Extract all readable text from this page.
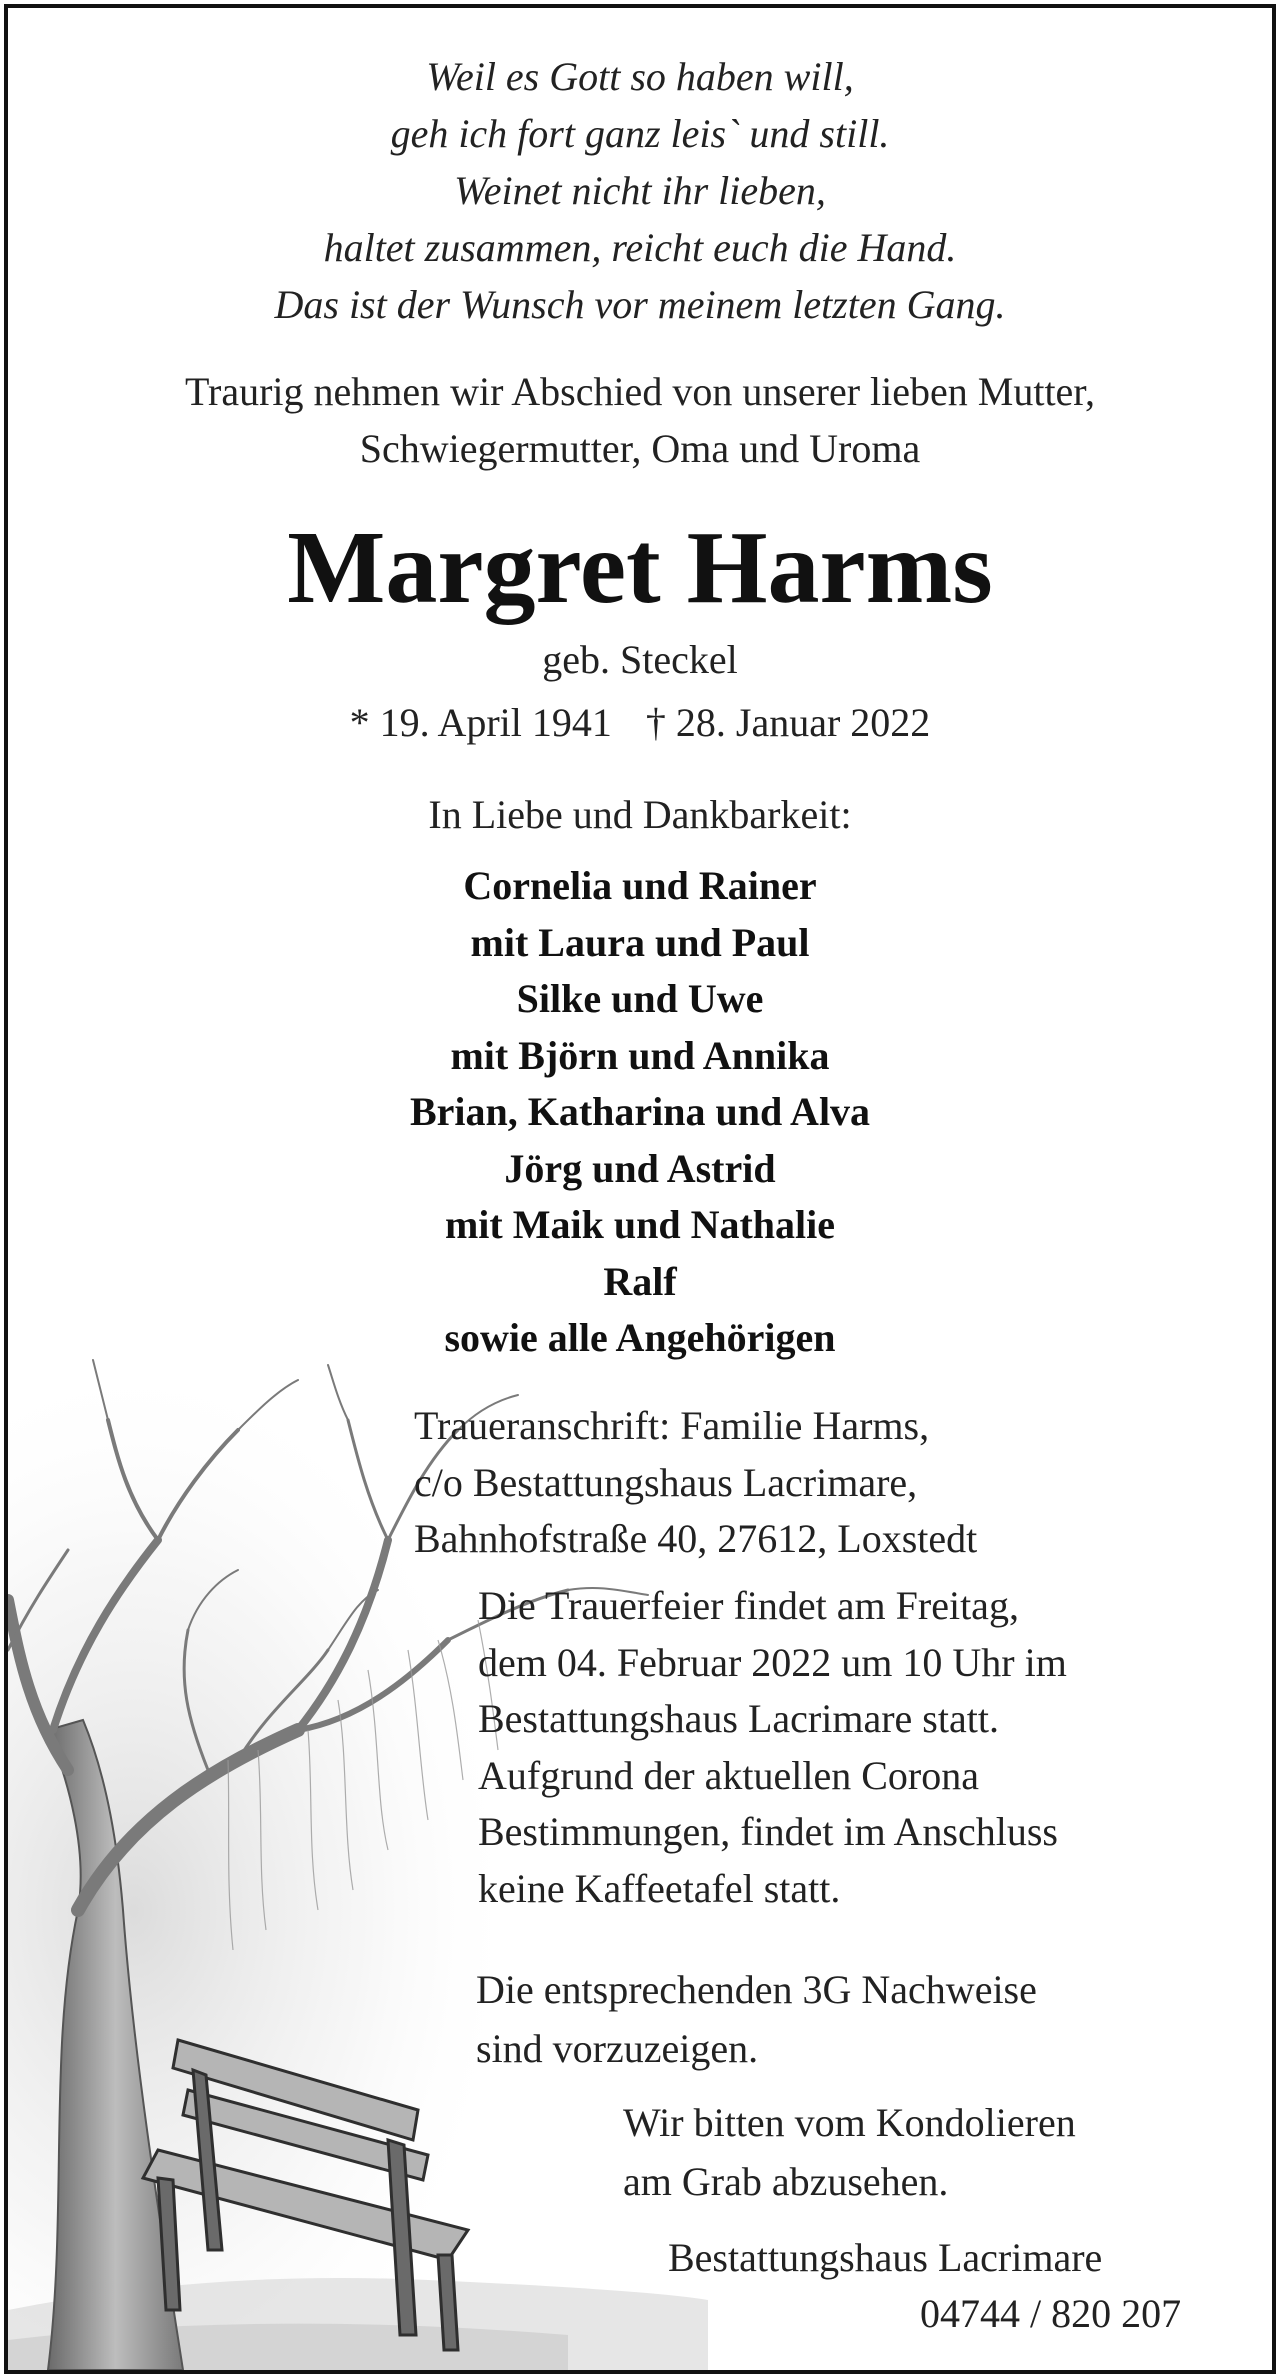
Weil es Gott so haben will,
geh ich fort ganz leis` und still.
Weinet nicht ihr lieben,
haltet zusammen, reicht euch die Hand.
Das ist der Wunsch vor meinem letzten Gang.
Traurig nehmen wir Abschied von unserer lieben Mutter,
Schwiegermutter, Oma und Uroma
Margret Harms
geb. Steckel
* 19. April 1941 † 28. Januar 2022
In Liebe und Dankbarkeit:
Cornelia und Rainer
mit Laura und Paul
Silke und Uwe
mit Björn und Annika
Brian, Katharina und Alva
Jörg und Astrid
mit Maik und Nathalie
Ralf
sowie alle Angehörigen
Traueranschrift: Familie Harms,
c/o Bestattungshaus Lacrimare,
Bahnhofstraße 40, 27612, Loxstedt
Die Trauerfeier findet am Freitag,
dem 04. Februar 2022 um 10 Uhr im
Bestattungshaus Lacrimare statt.
Aufgrund der aktuellen Corona
Bestimmungen, findet im Anschluss
keine Kaffeetafel statt.
Die entsprechenden 3G Nachweise
sind vorzuzeigen.
Wir bitten vom Kondolieren
am Grab abzusehen.
Bestattungshaus Lacrimare
04744 / 820 207
